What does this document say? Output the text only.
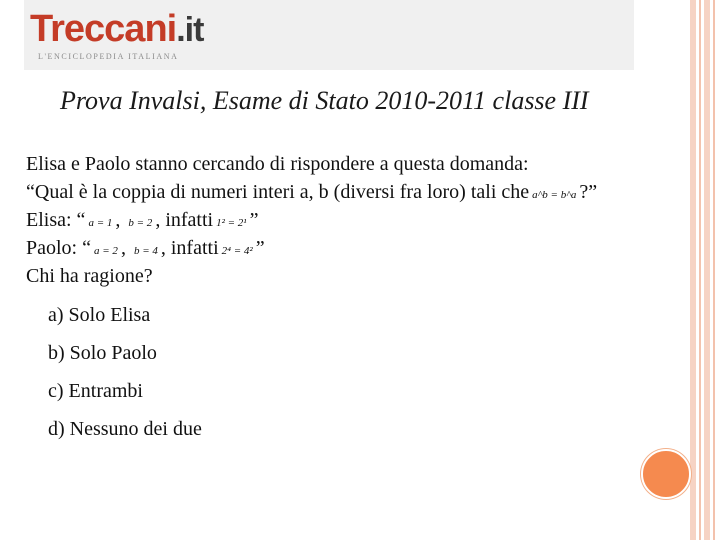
Treccani.it
L'ENCICLOPEDIA ITALIANA
Prova Invalsi, Esame di Stato 2010-2011 classe III
Elisa e Paolo stanno cercando di rispondere a questa domanda:
“Qual è la coppia di numeri interi a, b (diversi fra loro) tali che a^b = b^a ?”
Elisa: “ a = 1 , b = 2 , infatti 1² = 2¹ ”
Paolo: “ a = 2 , b = 4 , infatti 2⁴ = 4² ”
Chi ha ragione?
a) Solo Elisa
b) Solo Paolo
c) Entrambi
d) Nessuno dei due
